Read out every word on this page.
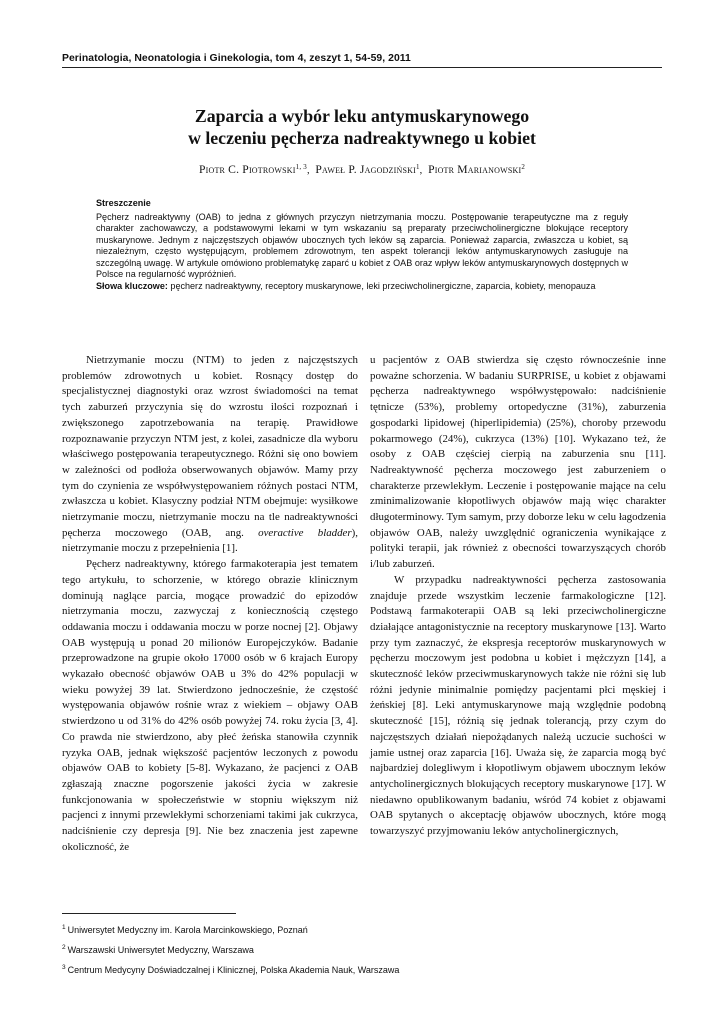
Perinatologia, Neonatologia i Ginekologia, tom 4, zeszyt 1, 54-59, 2011
Zaparcia a wybór leku antymuskarynowego
w leczeniu pęcherza nadreaktywnego u kobiet
Piotr C. Piotrowski$^{1, 3}$,  Paweł P. Jagodziński$^1$,  Piotr Marianowski$^2$
Streszczenie

Pęcherz nadreaktywny (OAB) to jedna z głównych przyczyn nietrzymania moczu. Postępowanie terapeutyczne ma z reguły charakter zachowawczy, a podstawowymi lekami w tym wskazaniu są preparaty przeciwcholinergiczne blokujące receptory muskarynowe. Jednym z najczęstszych objawów ubocznych tych leków są zaparcia. Ponieważ zaparcia, zwłaszcza u kobiet, są niezależnym, często występującym, problemem zdrowotnym, ten aspekt tolerancji leków antymuskarynowych zasługuje na szczególną uwagę. W artykule omówiono problematykę zaparć u kobiet z OAB oraz wpływ leków antymuskarynowych dostępnych w Polsce na regularność wypróżnień.

Słowa kluczowe: pęcherz nadreaktywny, receptory muskarynowe, leki przeciwcholinergiczne, zaparcia, kobiety, menopauza

Nietrzymanie moczu (NTM) to jeden z najczęstszych problemów zdrowotnych u kobiet. Rosnący dostęp do specjalistycznej diagnostyki oraz wzrost świadomości na temat tych zaburzeń przyczynia się do wzrostu ilości rozpoznań i zwiększonego zapotrzebowania na terapię. Prawidłowe rozpoznawanie przyczyn NTM jest, z kolei, zasadnicze dla wyboru właściwego postępowania terapeutycznego. Różni się ono bowiem w zależności od podłoża obserwowanych objawów. Mamy przy tym do czynienia ze współwystępowaniem różnych postaci NTM, zwłaszcza u kobiet. Klasyczny podział NTM obejmuje: wysiłkowe nietrzymanie moczu, nietrzymanie moczu na tle nadreaktywności pęcherza moczowego (OAB, ang. overactive bladder), nietrzymanie moczu z przepełnienia [1].

Pęcherz nadreaktywny, którego farmakoterapia jest tematem tego artykułu, to schorzenie, w którego obrazie klinicznym dominują naglące parcia, mogące prowadzić do epizodów nietrzymania moczu, zazwyczaj z koniecznością częstego oddawania moczu i oddawania moczu w porze nocnej [2]. Objawy OAB występują u ponad 20 milionów Europejczyków. Badanie przeprowadzone na grupie około 17000 osób w 6 krajach Europy wykazało obecność objawów OAB u 3% do 42% populacji w wieku powyżej 39 lat. Stwierdzono jednocześnie, że częstość występowania objawów rośnie wraz z wiekiem – objawy OAB stwierdzono u od 31% do 42% osób powyżej 74. roku życia [3, 4]. Co prawda nie stwierdzono, aby płeć żeńska stanowiła czynnik ryzyka OAB, jednak większość pacjentów leczonych z powodu objawów OAB to kobiety [5-8]. Wykazano, że pacjenci z OAB zgłaszają znaczne pogorszenie jakości życia w zakresie funkcjonowania w społeczeństwie w stopniu większym niż pacjenci z innymi przewlekłymi schorzeniami takimi jak cukrzyca, nadciśnienie czy depresja [9]. Nie bez znaczenia jest zapewne okoliczność, że

u pacjentów z OAB stwierdza się często równocześnie inne poważne schorzenia. W badaniu SURPRISE, u kobiet z objawami pęcherza nadreaktywnego współwystępowało: nadciśnienie tętnicze (53%), problemy ortopedyczne (31%), zaburzenia gospodarki lipidowej (hiperlipidemia) (25%), choroby przewodu pokarmowego (24%), cukrzyca (13%) [10]. Wykazano też, że osoby z OAB częściej cierpią na zaburzenia snu [11]. Nadreaktywność pęcherza moczowego jest zaburzeniem o charakterze przewlekłym. Leczenie i postępowanie mające na celu zminimalizowanie kłopotliwych objawów mają więc charakter długoterminowy. Tym samym, przy doborze leku w celu łagodzenia objawów OAB, należy uwzględnić ograniczenia wynikające z polityki terapii, jak również z obecności towarzyszących chorób i/lub zaburzeń.

W przypadku nadreaktywności pęcherza zastosowania znajduje przede wszystkim leczenie farmakologiczne [12]. Podstawą farmakoterapii OAB są leki przeciwcholinergiczne działające antagonistycznie na receptory muskarynowe [13]. Warto przy tym zaznaczyć, że ekspresja receptorów muskarynowych w pęcherzu moczowym jest podobna u kobiet i mężczyzn [14], a skuteczność leków przeciwmuskarynowych także nie różni się lub różni jedynie minimalnie pomiędzy pacjentami płci męskiej i żeńskiej [8]. Leki antymuskarynowe mają względnie podobną skuteczność [15], różnią się jednak tolerancją, przy czym do najczęstszych działań niepożądanych należą uczucie suchości w jamie ustnej oraz zaparcia [16]. Uważa się, że zaparcia mogą być najbardziej dolegliwym i kłopotliwym objawem ubocznym leków antycholinergicznych blokujących receptory muskarynowe [17]. W niedawno opublikowanym badaniu, wśród 74 kobiet z objawami OAB spytanych o akceptację objawów ubocznych, które mogą towarzyszyć przyjmowaniu leków antycholinergicznych,

$^1$ Uniwersytet Medyczny im. Karola Marcinkowskiego, Poznań
$^2$ Warszawski Uniwersytet Medyczny, Warszawa
$^3$ Centrum Medycyny Doświadczalnej i Klinicznej, Polska Akademia Nauk, Warszawa
